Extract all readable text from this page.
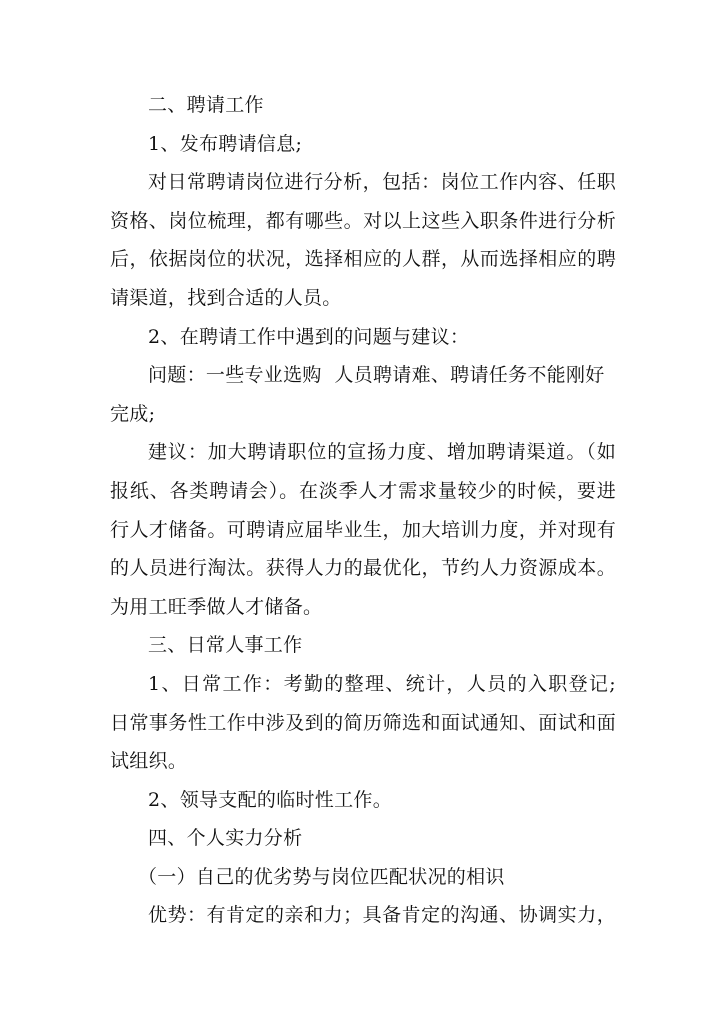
二、聘请工作
1、发布聘请信息;
对日常聘请岗位进行分析，包括：岗位工作内容、任职
资格、岗位梳理，都有哪些。对以上这些入职条件进行分析
后，依据岗位的状况，选择相应的人群，从而选择相应的聘
请渠道，找到合适的人员。
2、在聘请工作中遇到的问题与建议：
问题：一些专业选购  人员聘请难、聘请任务不能刚好
完成;
建议：加大聘请职位的宣扬力度、增加聘请渠道。（如
报纸、各类聘请会）。在淡季人才需求量较少的时候，要进
行人才储备。可聘请应届毕业生，加大培训力度，并对现有
的人员进行淘汰。获得人力的最优化，节约人力资源成本。
为用工旺季做人才储备。
三、日常人事工作
1、日常工作：考勤的整理、统计，人员的入职登记;
日常事务性工作中涉及到的简历筛选和面试通知、面试和面
试组织。
2、领导支配的临时性工作。
四、个人实力分析
（一）自己的优劣势与岗位匹配状况的相识
优势：有肯定的亲和力；具备肯定的沟通、协调实力，
